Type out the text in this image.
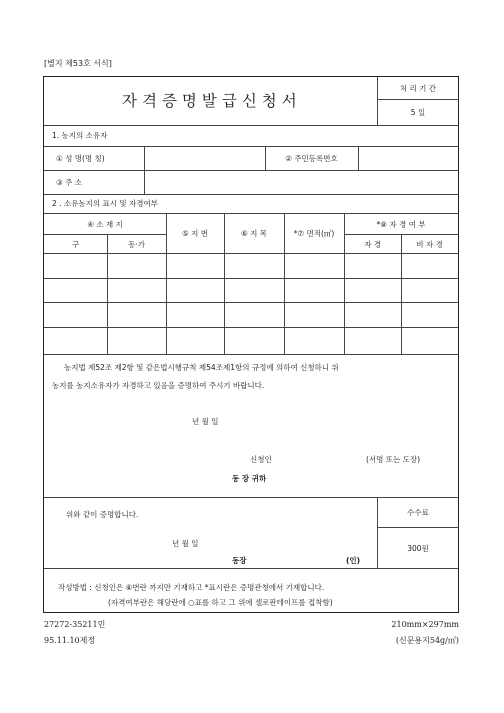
[별지 제53호 서식]
자격증명발급신청서
처 리 기 간
5 일
1. 농지의 소유자
① 성 명(명 칭)	② 주민등록번호
③ 주 소
2 . 소유농지의 표시 및 자경여부
④ 소 재 지
구	동·가
⑤ 지 번	⑥ 지 목	*⑦ 면적(㎡)
*⑧ 자 경 여 부
자 경	비 자 경
농지법 제52조 제2항 및 같은법시행규칙 제54조제1항의 규정에 의하여 신청하니 위
농지를 농지소유자가 자경하고 있음을 증명하여 주시기 바랍니다.
년 월 일
신청인	(서명 또는 도장)
동 장 귀하
위와 같이 증명합니다.
년 월 일
동장	(인)
수수료
300원
작성방법 : 신청인은 ⑥번란 까지만 기재하고 *표시란은 증명관청에서 기재합니다.
(자격여부란은 해당란에 ○표를 하고 그 위에 셀로판테이프를 접착함)
27272-35211민
95.11.10제정
210mm×297mm
(신문용지54g/㎡)
